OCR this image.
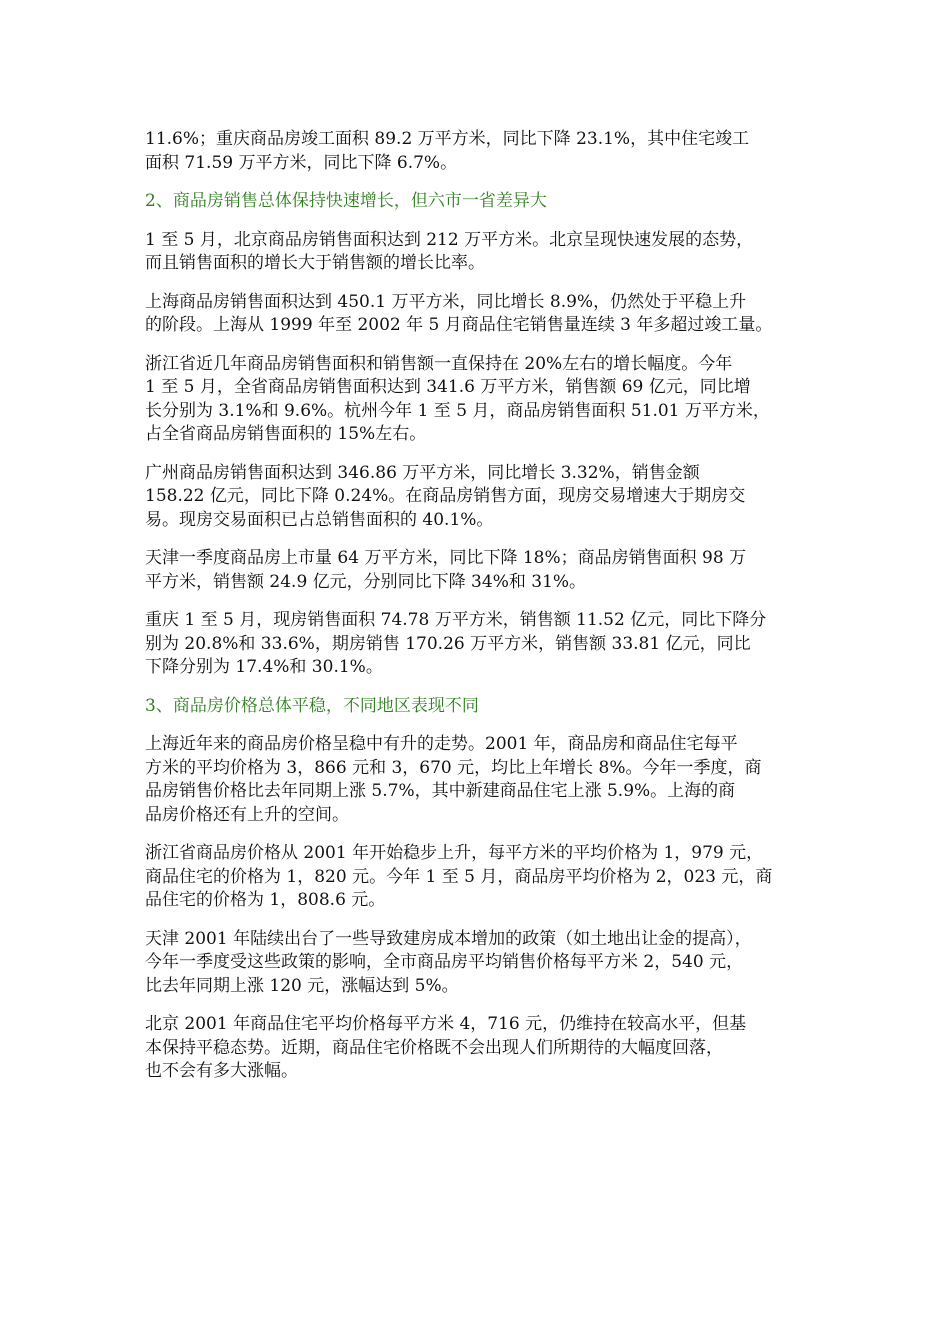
11.6%；重庆商品房竣工面积 89.2 万平方米，同比下降 23.1%，其中住宅竣工
面积 71.59 万平方米，同比下降 6.7%。

2、商品房销售总体保持快速增长，但六市一省差异大

1 至 5 月，北京商品房销售面积达到 212 万平方米。北京呈现快速发展的态势，
而且销售面积的增长大于销售额的增长比率。

上海商品房销售面积达到 450.1 万平方米，同比增长 8.9%，仍然处于平稳上升
的阶段。上海从 1999 年至 2002 年 5 月商品住宅销售量连续 3 年多超过竣工量。

浙江省近几年商品房销售面积和销售额一直保持在 20%左右的增长幅度。今年
1 至 5 月，全省商品房销售面积达到 341.6 万平方米，销售额 69 亿元，同比增
长分别为 3.1%和 9.6%。杭州今年 1 至 5 月，商品房销售面积 51.01 万平方米，
占全省商品房销售面积的 15%左右。

广州商品房销售面积达到 346.86 万平方米，同比增长 3.32%，销售金额
158.22 亿元，同比下降 0.24%。在商品房销售方面，现房交易增速大于期房交
易。现房交易面积已占总销售面积的 40.1%。

天津一季度商品房上市量 64 万平方米，同比下降 18%；商品房销售面积 98 万
平方米，销售额 24.9 亿元，分别同比下降 34%和 31%。

重庆 1 至 5 月，现房销售面积 74.78 万平方米，销售额 11.52 亿元，同比下降分
别为 20.8%和 33.6%，期房销售 170.26 万平方米，销售额 33.81 亿元，同比
下降分别为 17.4%和 30.1%。

3、商品房价格总体平稳，不同地区表现不同

上海近年来的商品房价格呈稳中有升的走势。2001 年，商品房和商品住宅每平
方米的平均价格为 3，866 元和 3，670 元，均比上年增长 8%。今年一季度，商
品房销售价格比去年同期上涨 5.7%，其中新建商品住宅上涨 5.9%。上海的商
品房价格还有上升的空间。

浙江省商品房价格从 2001 年开始稳步上升，每平方米的平均价格为 1，979 元，
商品住宅的价格为 1，820 元。今年 1 至 5 月，商品房平均价格为 2，023 元，商
品住宅的价格为 1，808.6 元。

天津 2001 年陆续出台了一些导致建房成本增加的政策（如土地出让金的提高），
今年一季度受这些政策的影响，全市商品房平均销售价格每平方米 2，540 元，
比去年同期上涨 120 元，涨幅达到 5%。

北京 2001 年商品住宅平均价格每平方米 4，716 元，仍维持在较高水平，但基
本保持平稳态势。近期，商品住宅价格既不会出现人们所期待的大幅度回落，
也不会有多大涨幅。
